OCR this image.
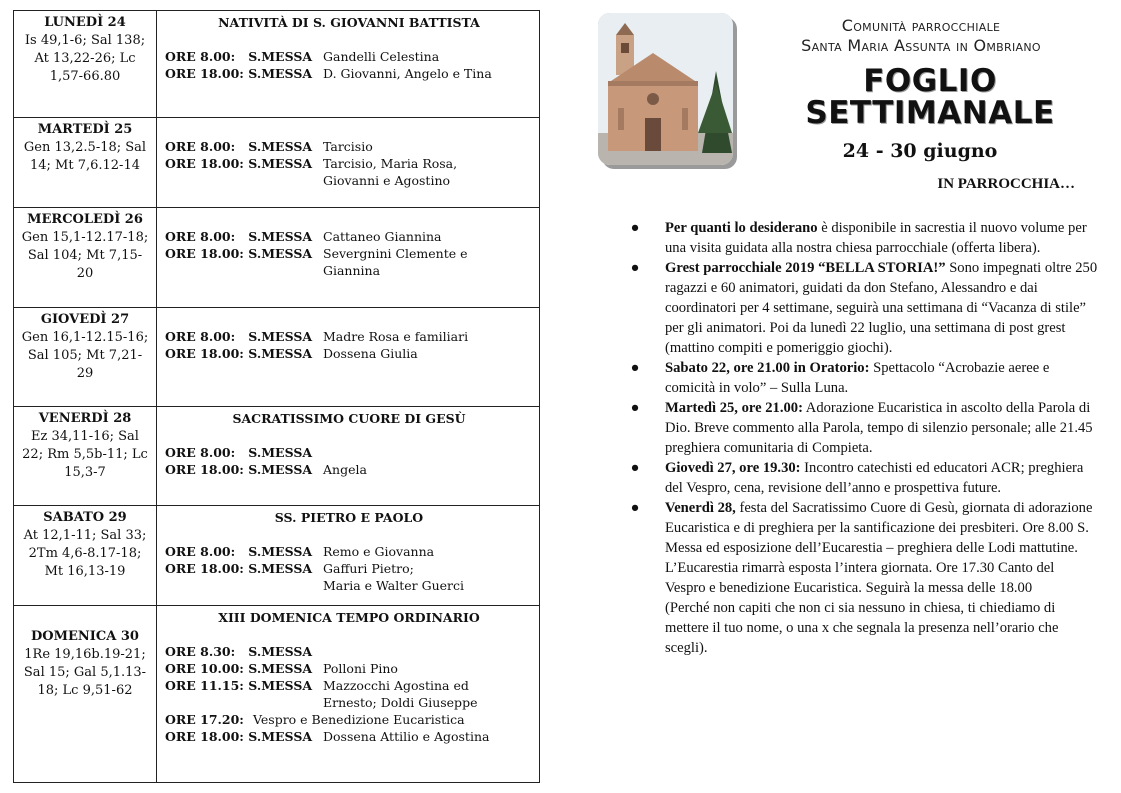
LUNEDÌ 24
Is 49,1-6; Sal 138; At 13,22-26; Lc 1,57-66.80
NATIVITÀ DI S. GIOVANNI BATTISTA
ORE 8.00:   S.MESSA Gandelli Celestina
ORE 18.00: S.MESSA D. Giovanni, Angelo e Tina
MARTEDÌ 25
Gen 13,2.5-18; Sal 14; Mt 7,6.12-14
ORE 8.00:   S.MESSA Tarcisio
ORE 18.00: S.MESSA Tarcisio, Maria Rosa,
Giovanni e Agostino
MERCOLEDÌ 26
Gen 15,1-12.17-18; Sal 104; Mt 7,15-20
ORE 8.00:   S.MESSA Cattaneo Giannina
ORE 18.00: S.MESSA Severgnini Clemente e
Giannina
GIOVEDÌ 27
Gen 16,1-12.15-16; Sal 105; Mt 7,21-29
ORE 8.00:   S.MESSA Madre Rosa e familiari
ORE 18.00: S.MESSA Dossena Giulia
VENERDÌ 28
Ez 34,11-16; Sal 22; Rm 5,5b-11; Lc 15,3-7
SACRATISSIMO CUORE DI GESÙ
ORE 8.00:   S.MESSA
ORE 18.00: S.MESSA Angela
SABATO 29
At 12,1-11; Sal 33; 2Tm 4,6-8.17-18; Mt 16,13-19
SS. PIETRO E PAOLO
ORE 8.00:   S.MESSA Remo e Giovanna
ORE 18.00: S.MESSA Gaffuri Pietro;
Maria e Walter Guerci
DOMENICA 30
1Re 19,16b.19-21; Sal 15; Gal 5,1.13-18; Lc 9,51-62
XIII DOMENICA TEMPO ORDINARIO
ORE 8.30:   S.MESSA
ORE 10.00: S.MESSA Polloni Pino
ORE 11.15: S.MESSA Mazzocchi Agostina ed
Ernesto; Doldi Giuseppe
ORE 17.20: Vespro e Benedizione Eucaristica
ORE 18.00: S.MESSA Dossena Attilio e Agostina
Comunità parrocchiale
Santa Maria Assunta in Ombriano
FOGLIO
SETTIMANALE
24 - 30 giugno
IN PARROCCHIA…
● Per quanti lo desiderano è disponibile in sacrestia il nuovo volume per una visita guidata alla nostra chiesa parrocchiale (offerta libera).
● Grest parrocchiale 2019 “BELLA STORIA!” Sono impegnati oltre 250 ragazzi e 60 animatori, guidati da don Stefano, Alessandro e dai coordinatori per 4 settimane, seguirà una settimana di “Vacanza di stile” per gli animatori. Poi da lunedì 22 luglio, una settimana di post grest (mattino compiti e pomeriggio giochi).
● Sabato 22, ore 21.00 in Oratorio: Spettacolo “Acrobazie aeree e comicità in volo” – Sulla Luna.
● Martedì 25, ore 21.00: Adorazione Eucaristica in ascolto della Parola di Dio. Breve commento alla Parola, tempo di silenzio personale; alle 21.45 preghiera comunitaria di Compieta.
● Giovedì 27, ore 19.30: Incontro catechisti ed educatori ACR; preghiera del Vespro, cena, revisione dell’anno e prospettiva future.
● Venerdì 28, festa del Sacratissimo Cuore di Gesù, giornata di adorazione Eucaristica e di preghiera per la santificazione dei presbiteri. Ore 8.00 S. Messa ed esposizione dell’Eucarestia – preghiera delle Lodi mattutine.
L’Eucarestia rimarrà esposta l’intera giornata. Ore 17.30 Canto del Vespro e benedizione Eucaristica. Seguirà la messa delle 18.00
(Perché non capiti che non ci sia nessuno in chiesa, ti chiediamo di mettere il tuo nome, o una x che segnala la presenza nell’orario che scegli).
